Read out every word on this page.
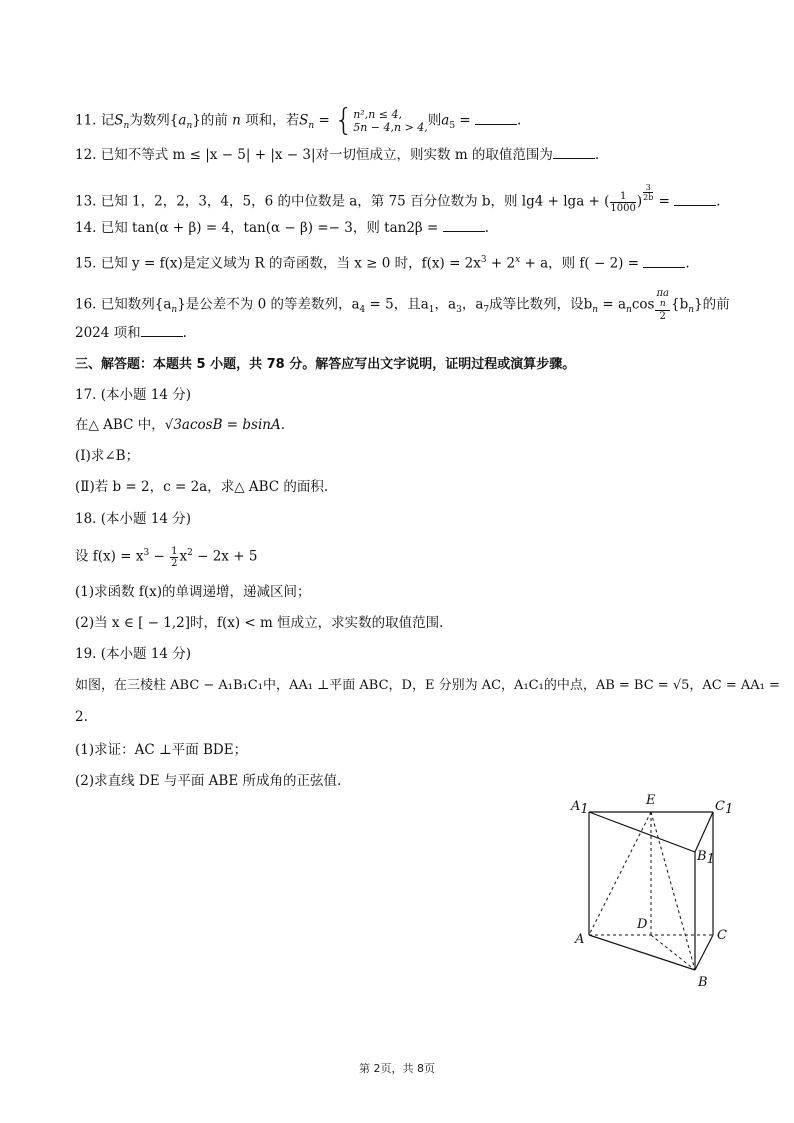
11. 记$S_n$为数列$\{a_n\}$的前 n 项和，若$S_n$ = { n²,n ≤ 4,
5n − 4,n > 4, 则$a_5$ =	.
12. 已知不等式 m ≤ |x − 5| + |x − 3|对一切恒成立，则实数 m 的取值范围为	.
13. 已知 1，2，2，3，4，5，6 的中位数是 a，第 75 百分位数为 b，则 lg4 + lga + ( $\frac{1}{1000}$ ) $\frac{3}{2b}$ =	.
14. 已知 tan(α + β) = 4，tan(α − β) =− 3，则 tan2β =	.
15. 已知 y = f(x)是定义域为 R 的奇函数，当 x ≥ 0 时，$f(x) = 2x^3 + 2^x + a$，则 f( − 2) =	.
16. 已知数列$\{a_n\}$是公差不为 0 的等差数列，$a_4 = 5$，且$a_1$，$a_3$，$a_7$成等比数列，设$b_n = a_n\cos$ πa
n
2 $\{b_n\}$的前
2024 项和	.
三、解答题：本题共 5 小题，共 78 分。解答应写出文字说明，证明过程或演算步骤。
17. (本小题 14 分)
在△ ABC 中，√3acosB = bsinA.
(Ⅰ)求∠B；
(Ⅱ)若 b = 2，c = 2a，求△ ABC 的面积.
18. (本小题 14 分)
设 $f(x) = x^3 - \frac{1}{2} x^2 - 2x + 5$
(1)求函数 f(x)的单调递增，递减区间；
(2)当 x ∈ [ − 1,2]时，f(x) < m 恒成立，求实数的取值范围.
19. (本小题 14 分)
如图，在三棱柱 ABC − A₁B₁C₁中，AA₁ ⊥平面 ABC，D，E 分别为 AC，A₁C₁的中点，AB = BC = √5，AC = AA₁ =
2.
(1)求证：AC ⊥平面 BDE；
(2)求直线 DE 与平面 ABE 所成角的正弦值.
A1
E	C1
B1
D
A	C
B
第 2页，共 8页
